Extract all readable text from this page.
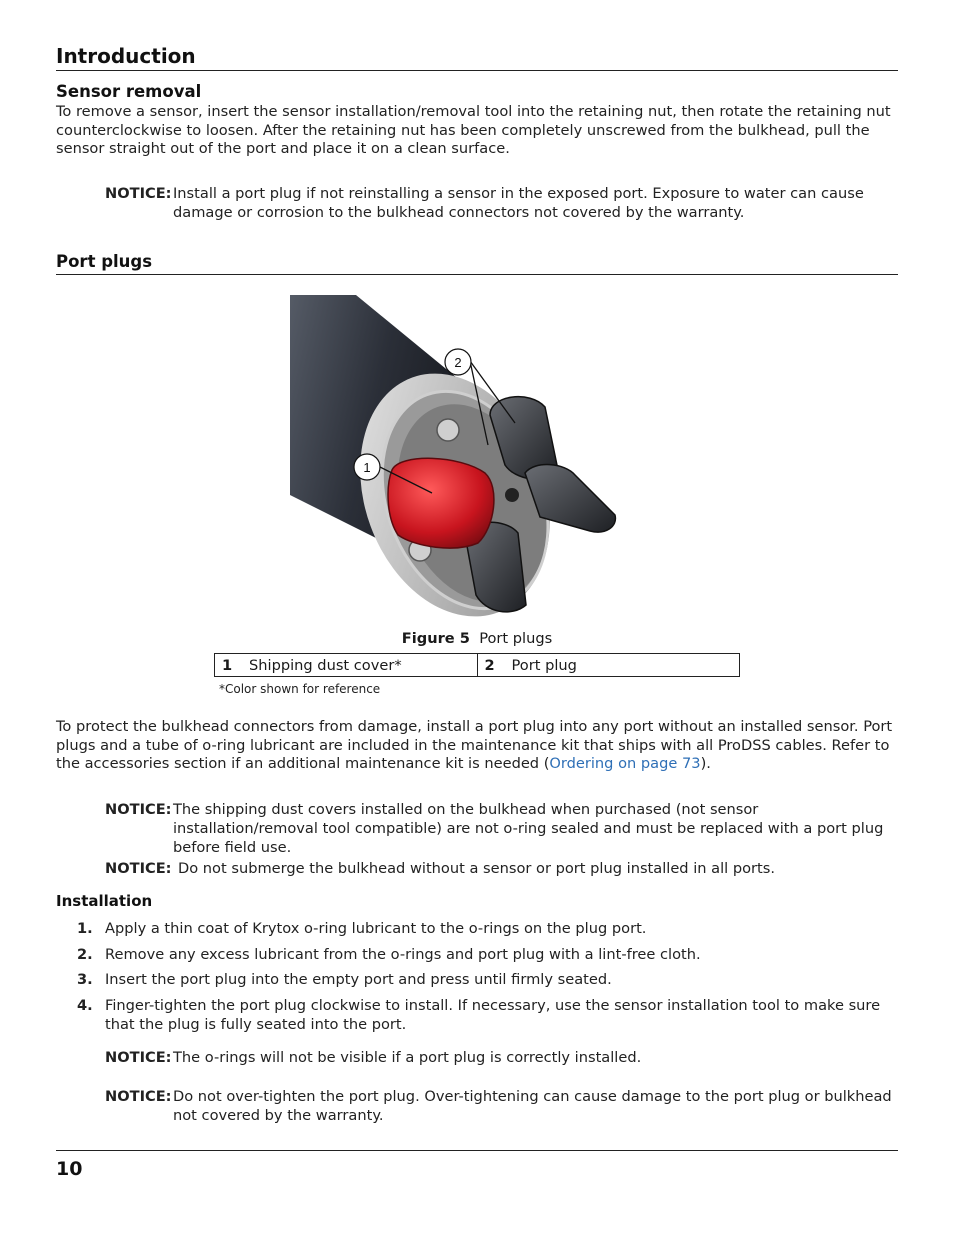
Introduction
Sensor removal
To remove a sensor, insert the sensor installation/removal tool into the retaining nut, then rotate the retaining nut counterclockwise to loosen. After the retaining nut has been completely unscrewed from the bulkhead, pull the sensor straight out of the port and place it on a clean surface.
NOTICE: Install a port plug if not reinstalling a sensor in the exposed port. Exposure to water can cause damage or corrosion to the bulkhead connectors not covered by the warranty.
Port plugs
2
1
Figure 5 Port plugs
1	Shipping dust cover*	2	Port plug
*Color shown for reference
To protect the bulkhead connectors from damage, install a port plug into any port without an installed sensor. Port plugs and a tube of o-ring lubricant are included in the maintenance kit that ships with all ProDSS cables. Refer to the accessories section if an additional maintenance kit is needed (Ordering on page 73).
NOTICE: The shipping dust covers installed on the bulkhead when purchased (not sensor installation/removal tool compatible) are not o-ring sealed and must be replaced with a port plug before field use.
NOTICE: Do not submerge the bulkhead without a sensor or port plug installed in all ports.
Installation
1. Apply a thin coat of Krytox o-ring lubricant to the o-rings on the plug port.
2. Remove any excess lubricant from the o-rings and port plug with a lint-free cloth.
3. Insert the port plug into the empty port and press until firmly seated.
4. Finger-tighten the port plug clockwise to install. If necessary, use the sensor installation tool to make sure that the plug is fully seated into the port.
NOTICE: The o-rings will not be visible if a port plug is correctly installed.
NOTICE: Do not over-tighten the port plug. Over-tightening can cause damage to the port plug or bulkhead not covered by the warranty.
10
